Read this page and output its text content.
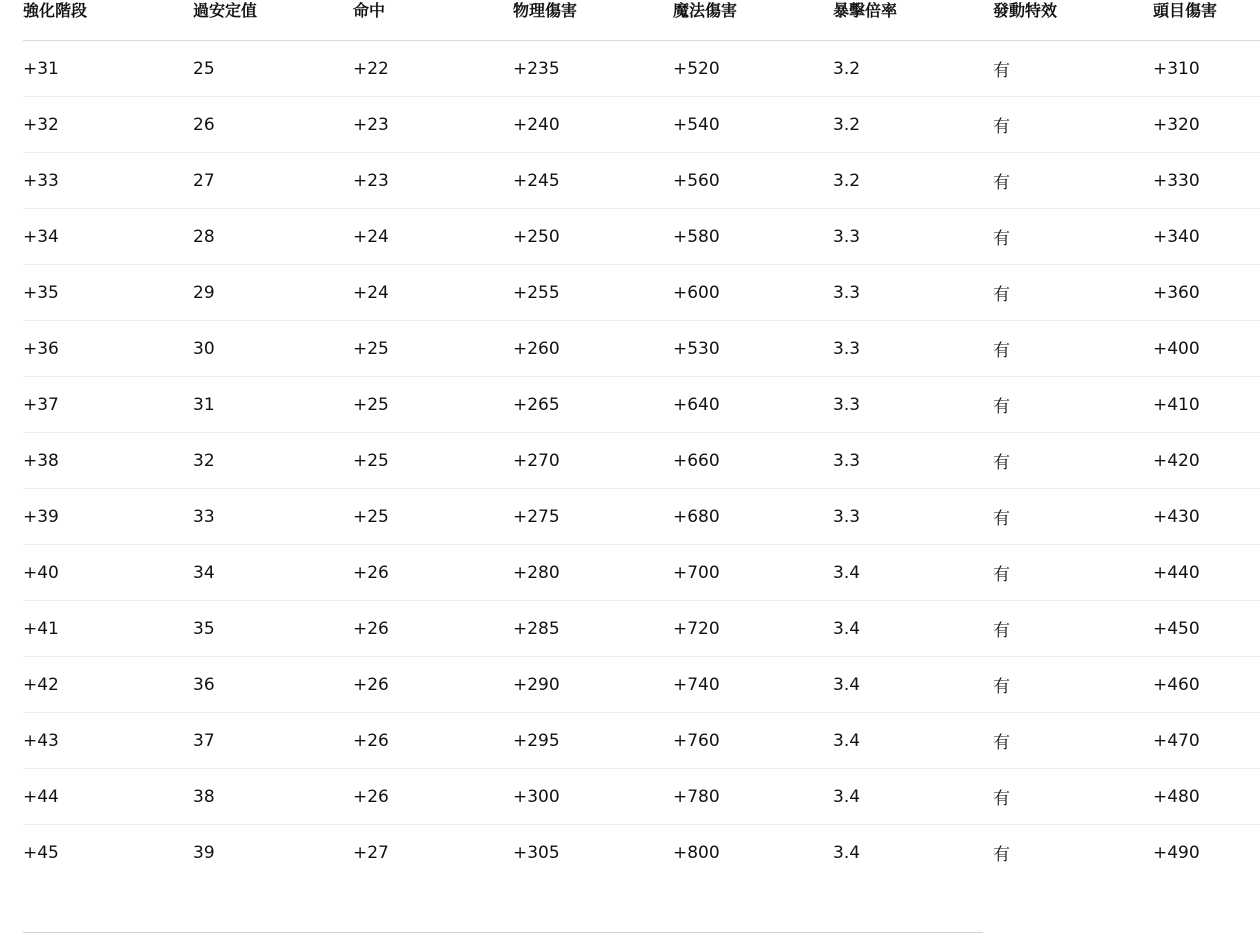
強化階段	過安定值	命中	物理傷害	魔法傷害	暴擊倍率	發動特效	頭目傷害
+31	25	+22	+235	+520	3.2	有	+310
+32	26	+23	+240	+540	3.2	有	+320
+33	27	+23	+245	+560	3.2	有	+330
+34	28	+24	+250	+580	3.3	有	+340
+35	29	+24	+255	+600	3.3	有	+360
+36	30	+25	+260	+530	3.3	有	+400
+37	31	+25	+265	+640	3.3	有	+410
+38	32	+25	+270	+660	3.3	有	+420
+39	33	+25	+275	+680	3.3	有	+430
+40	34	+26	+280	+700	3.4	有	+440
+41	35	+26	+285	+720	3.4	有	+450
+42	36	+26	+290	+740	3.4	有	+460
+43	37	+26	+295	+760	3.4	有	+470
+44	38	+26	+300	+780	3.4	有	+480
+45	39	+27	+305	+800	3.4	有	+490
